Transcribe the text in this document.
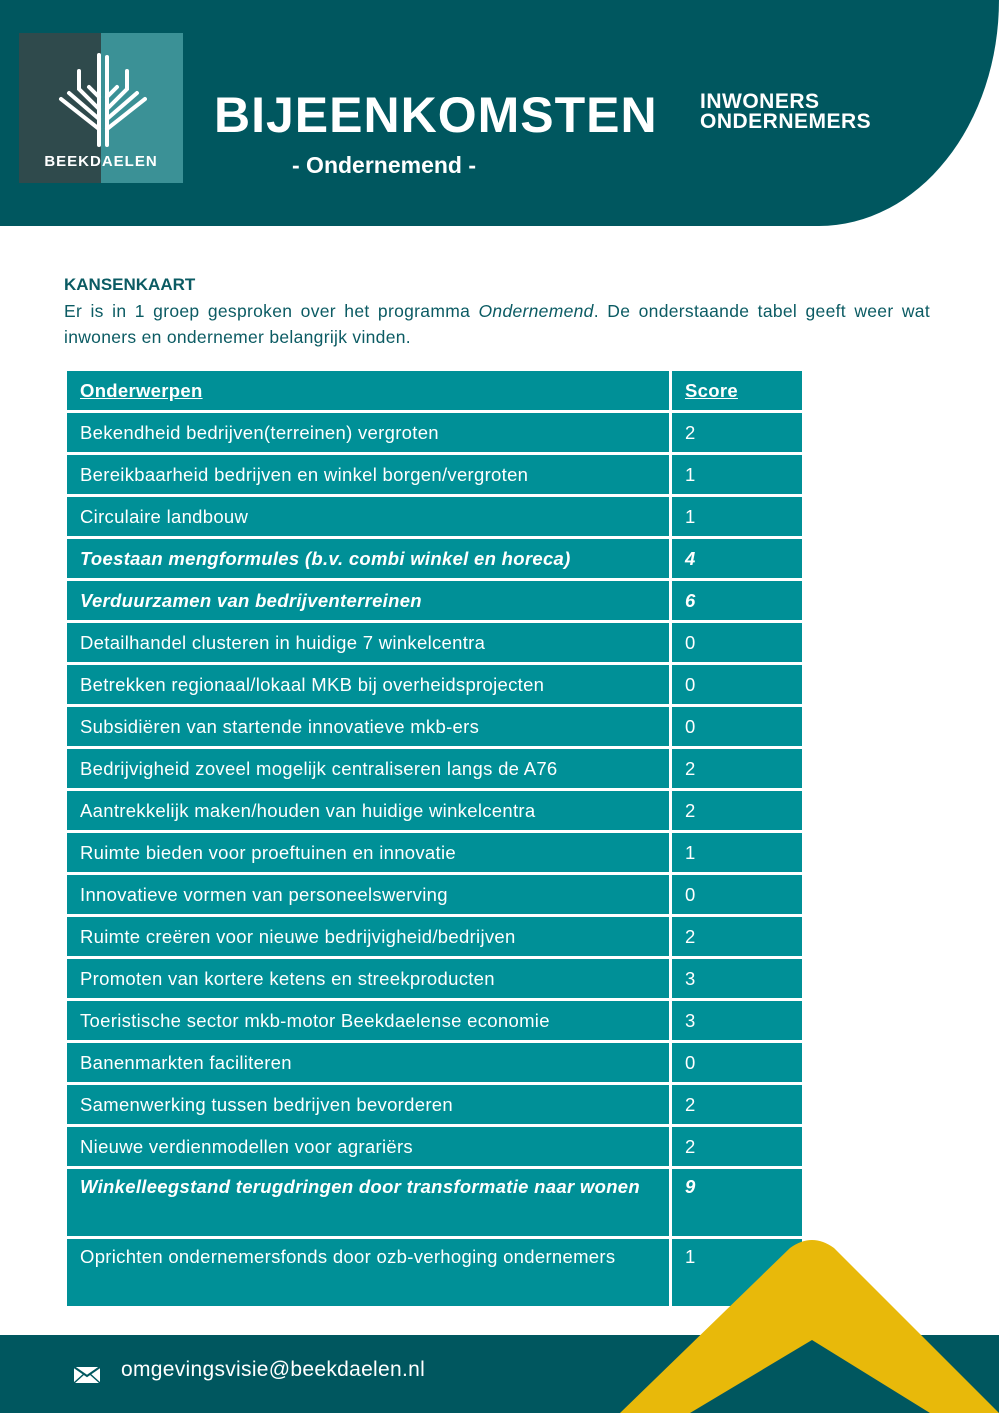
BEEKDAELEN
BIJEENKOMSTEN INWONERS
ONDERNEMERS
- Ondernemend -
KANSENKAART
Er is in 1 groep gesproken over het programma Ondernemend. De onderstaande tabel geeft weer wat inwoners en ondernemer belangrijk vinden.
Onderwerpen	Score
Bekendheid bedrijven(terreinen) vergroten	2
Bereikbaarheid bedrijven en winkel borgen/vergroten	1
Circulaire landbouw	1
Toestaan mengformules (b.v. combi winkel en horeca)	4
Verduurzamen van bedrijventerreinen	6
Detailhandel clusteren in huidige 7 winkelcentra	0
Betrekken regionaal/lokaal MKB bij overheidsprojecten	0
Subsidiëren van startende innovatieve mkb-ers	0
Bedrijvigheid zoveel mogelijk centraliseren langs de A76	2
Aantrekkelijk maken/houden van huidige winkelcentra	2
Ruimte bieden voor proeftuinen en innovatie	1
Innovatieve vormen van personeelswerving	0
Ruimte creëren voor nieuwe bedrijvigheid/bedrijven	2
Promoten van kortere ketens en streekproducten	3
Toeristische sector mkb-motor Beekdaelense economie	3
Banenmarkten faciliteren	0
Samenwerking tussen bedrijven bevorderen	2
Nieuwe verdienmodellen voor agrariërs	2
Winkelleegstand terugdringen door transformatie naar wonen	9
Oprichten ondernemersfonds door ozb-verhoging ondernemers	1
omgevingsvisie@beekdaelen.nl
